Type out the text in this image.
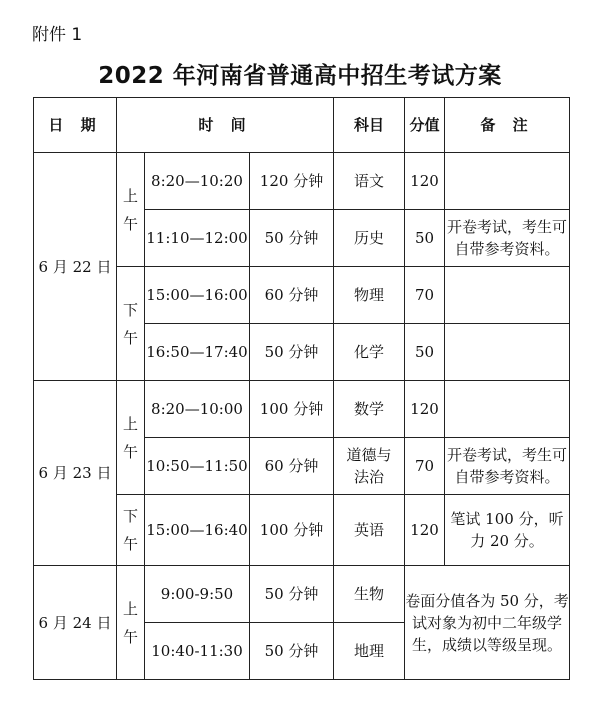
附件 1
2022 年河南省普通高中招生考试方案
日 期	时 间			科目	分值	备 注
6 月 22 日	上午	8:20—10:20	120 分钟	语文	120	
		11:10—12:00	50 分钟	历史	50	开卷考试，考生可自带参考资料。
	下午	15:00—16:00	60 分钟	物理	70	
		16:50—17:40	50 分钟	化学	50	
6 月 23 日	上午	8:20—10:00	100 分钟	数学	120	
		10:50—11:50	60 分钟	道德与法治	70	开卷考试，考生可自带参考资料。
	下午	15:00—16:40	100 分钟	英语	120	笔试 100 分，听力 20 分。
6 月 24 日	上午	9:00-9:50	50 分钟	生物	卷面分值各为 50 分，考试对象为初中二年级学生，成绩以等级呈现。	
		10:40-11:30	50 分钟	地理		
